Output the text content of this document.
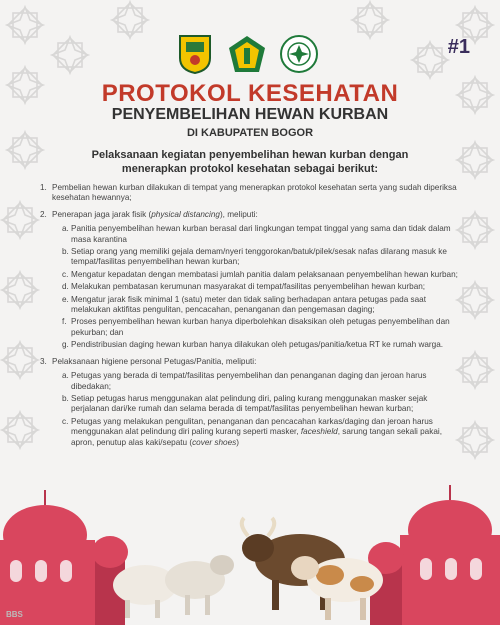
#1
PROTOKOL KESEHATAN
PENYEMBELIHAN HEWAN KURBAN
DI KABUPATEN BOGOR
Pelaksanaan kegiatan penyembelihan hewan kurban dengan menerapkan protokol kesehatan sebagai berikut:
1. Pembelian hewan kurban dilakukan di tempat yang menerapkan protokol kesehatan serta yang sudah diperiksa kesehatan hewannya;
2. Penerapan jaga jarak fisik (physical distancing), meliputi:
a. Panitia penyembelihan hewan kurban berasal dari lingkungan tempat tinggal yang sama dan tidak dalam masa karantina
b. Setiap orang yang memiliki gejala demam/nyeri tenggorokan/batuk/pilek/sesak nafas dilarang masuk ke tempat/fasilitas penyembelihan hewan kurban;
c. Mengatur kepadatan dengan membatasi jumlah panitia dalam pelaksanaan penyembelihan hewan kurban;
d. Melakukan pembatasan kerumunan masyarakat di tempat/fasilitas penyembelihan hewan kurban;
e. Mengatur jarak fisik minimal 1 (satu) meter dan tidak saling berhadapan antara petugas pada saat melakukan aktifitas pengulitan, pencacahan, penanganan dan pengemasan daging;
f. Proses penyembelihan hewan kurban hanya diperbolehkan disaksikan oleh petugas penyembelihan dan pekurban; dan
g. Pendistribusian daging hewan kurban hanya dilakukan oleh petugas/panitia/ketua RT ke rumah warga.
3. Pelaksanaan higiene personal Petugas/Panitia, meliputi:
a. Petugas yang berada di tempat/fasilitas penyembelihan dan penanganan daging dan jeroan harus dibedakan;
b. Setiap petugas harus menggunakan alat pelindung diri, paling kurang menggunakan masker sejak perjalanan dari/ke rumah dan selama berada di tempat/fasilitas penyembelihan hewan kurban;
c. Petugas yang melakukan pengulitan, penanganan dan pencacahan karkas/daging dan jeroan harus menggunakan alat pelindung diri paling kurang seperti masker, faceshield, sarung tangan sekali pakai, apron, penutup alas kaki/sepatu (cover shoes)
BBS
